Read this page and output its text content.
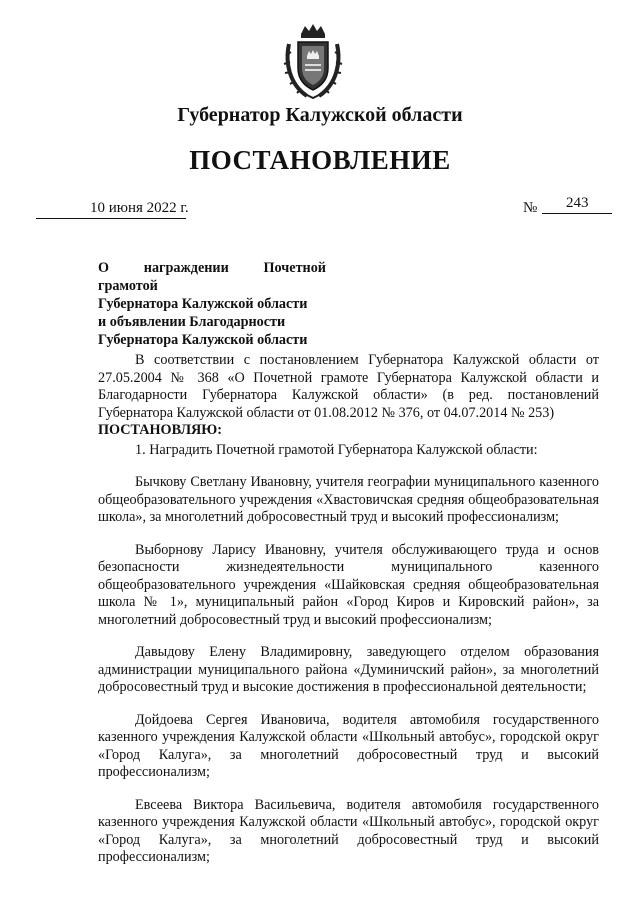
Губернатор Калужской области
ПОСТАНОВЛЕНИЕ
10 июня 2022 г.	№ 243
О награждении Почетной грамотой
Губернатора Калужской области
и объявлении Благодарности
Губернатора Калужской области

В соответствии с постановлением Губернатора Калужской области от 27.05.2004 № 368 «О Почетной грамоте Губернатора Калужской области и Благодарности Губернатора Калужской области» (в ред. постановлений Губернатора Калужской области от 01.08.2012 № 376, от 04.07.2014 № 253)

ПОСТАНОВЛЯЮ:

1. Наградить Почетной грамотой Губернатора Калужской области:

Бычкову Светлану Ивановну, учителя географии муниципального казенного общеобразовательного учреждения «Хвастовичская средняя общеобразовательная школа», за многолетний добросовестный труд и высокий профессионализм;

Выборнову Ларису Ивановну, учителя обслуживающего труда и основ безопасности жизнедеятельности муниципального казенного общеобразовательного учреждения «Шайковская средняя общеобразовательная школа № 1», муниципальный район «Город Киров и Кировский район», за многолетний добросовестный труд и высокий профессионализм;

Давыдову Елену Владимировну, заведующего отделом образования администрации муниципального района «Думиничский район», за многолетний добросовестный труд и высокие достижения в профессиональной деятельности;

Дойдоева Сергея Ивановича, водителя автомобиля государственного казенного учреждения Калужской области «Школьный автобус», городской округ «Город Калуга», за многолетний добросовестный труд и высокий профессионализм;

Евсеева Виктора Васильевича, водителя автомобиля государственного казенного учреждения Калужской области «Школьный автобус», городской округ «Город Калуга», за многолетний добросовестный труд и высокий профессионализм;
